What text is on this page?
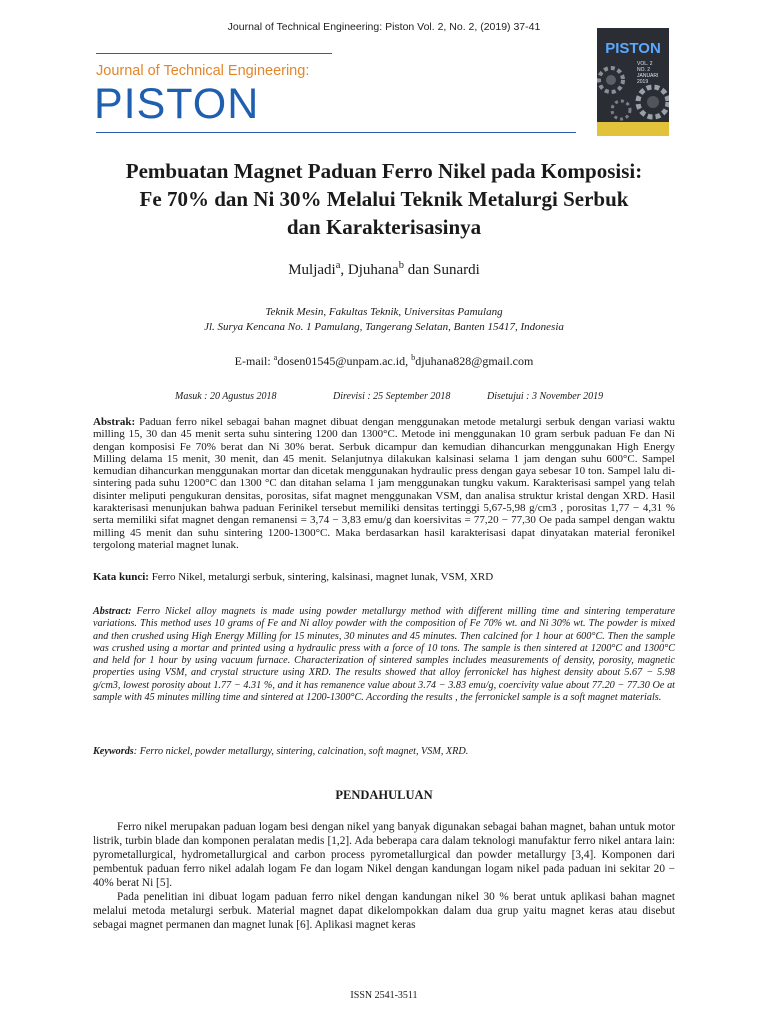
Journal of Technical Engineering: Piston Vol. 2, No. 2, (2019) 37-41
Journal of Technical Engineering:
PISTON
PISTON
VOL. 2
NO. 2
JANUARI 2019
Pembuatan Magnet Paduan Ferro Nikel pada Komposisi:
Fe 70% dan Ni 30% Melalui Teknik Metalurgi Serbuk
dan Karakterisasinya
Muljadi$^a$, Djuhana$^b$ dan Sunardi
Teknik Mesin, Fakultas Teknik, Universitas Pamulang
Jl. Surya Kencana No. 1 Pamulang, Tangerang Selatan, Banten 15417, Indonesia
E-mail: $^a$dosen01545@unpam.ac.id, $^b$djuhana828@gmail.com
Masuk : 20 Agustus 2018	Direvisi : 25 September 2018	Disetujui : 3 November 2019
Abstrak: Paduan ferro nikel sebagai bahan magnet dibuat dengan menggunakan metode metalurgi serbuk dengan variasi waktu milling 15, 30 dan 45 menit serta suhu sintering 1200 dan 1300°C. Metode ini menggunakan 10 gram serbuk paduan Fe dan Ni dengan komposisi Fe 70% berat dan Ni 30% berat. Serbuk dicampur dan kemudian dihancurkan menggunakan High Energy Milling delama 15 menit, 30 menit, dan 45 menit. Selanjutnya dilakukan kalsinasi selama 1 jam dengan suhu 600°C. Sampel kemudian dihancurkan menggunakan mortar dan dicetak menggunakan hydraulic press dengan gaya sebesar 10 ton. Sampel lalu di-sintering pada suhu 1200°C dan 1300 °C dan ditahan selama 1 jam menggunakan tungku vakum. Karakterisasi sampel yang telah disinter meliputi pengukuran densitas, porositas, sifat magnet menggunakan VSM, dan analisa struktur kristal dengan XRD. Hasil karakterisasi menunjukan bahwa paduan Ferinikel tersebut memiliki densitas tertinggi 5,67-5,98 g/cm3 , porositas 1,77 − 4,31 % serta memiliki sifat magnet dengan remanensi = 3,74 − 3,83 emu/g dan koersivitas = 77,20 − 77,30 Oe pada sampel dengan waktu milling 45 menit dan suhu sintering 1200-1300°C. Maka berdasarkan hasil karakterisasi dapat dinyatakan material feronikel tergolong material magnet lunak.
Kata kunci: Ferro Nikel, metalurgi serbuk, sintering, kalsinasi, magnet lunak, VSM, XRD
Abstract: Ferro Nickel alloy magnets is made using powder metallurgy method with different milling time and sintering temperature variations. This method uses 10 grams of Fe and Ni alloy powder with the composition of Fe 70% wt. and Ni 30% wt. The powder is mixed and then crushed using High Energy Milling for 15 minutes, 30 minutes and 45 minutes. Then calcined for 1 hour at 600°C. Then the sample was crushed using a mortar and printed using a hydraulic press with a force of 10 tons. The sample is then sintered at 1200°C and 1300°C and held for 1 hour by using vacuum furnace. Characterization of sintered samples includes measurements of density, porosity, magnetic properties using VSM, and crystal structure using XRD. The results showed that alloy ferronickel has highest density about 5.67 − 5.98 g/cm3, lowest porosity about 1.77 − 4.31 %, and it has remanence value about 3.74 − 3.83 emu/g, coercivity value about 77.20 − 77.30 Oe at sample with 45 minutes milling time and sintered at 1200-1300°C. According the results , the ferronickel sample is a soft magnet materials.
Keywords: Ferro nickel, powder metallurgy, sintering, calcination, soft magnet, VSM, XRD.
PENDAHULUAN

Ferro nikel merupakan paduan logam besi dengan nikel yang banyak digunakan sebagai bahan magnet, bahan untuk motor listrik, turbin blade dan komponen peralatan medis [1,2]. Ada beberapa cara dalam teknologi manufaktur ferro nikel antara lain: pyrometallurgical, hydrometallurgical and carbon process pyrometallurgical dan powder metallurgy [3,4]. Komponen dari pembentuk paduan ferro nikel adalah logam Fe dan logam Nikel dengan kandungan logam nikel pada paduan ini sekitar 20 − 40% berat Ni [5].

Pada penelitian ini dibuat logam paduan ferro nikel dengan kandungan nikel 30 % berat untuk aplikasi bahan magnet melalui metoda metalurgi serbuk. Material magnet dapat dikelompokkan dalam dua grup yaitu magnet keras atau disebut sebagai magnet permanen dan magnet lunak [6]. Aplikasi magnet keras

ISSN 2541-3511
